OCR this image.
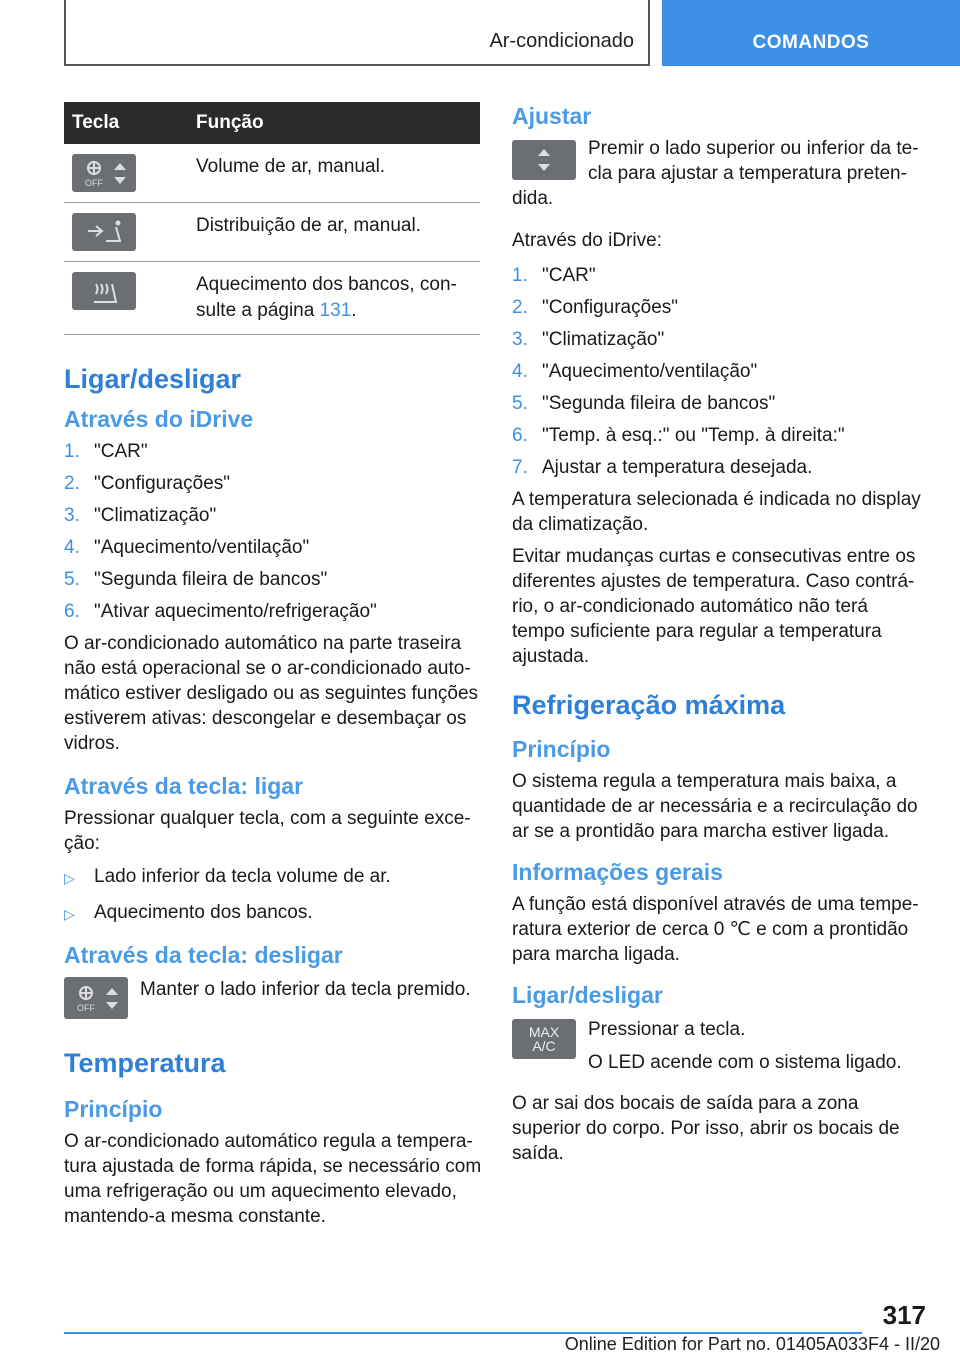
Ar-condicionado	COMANDOS
Tecla	Função

OFF	Volume de ar, manual.

	Distribuição de ar, manual.

	Aquecimento dos bancos, con-sulte a página 131.
Ligar/desligar
Através do iDrive
1. "CAR"
2. "Configurações"
3. "Climatização"
4. "Aquecimento/ventilação"
5. "Segunda fileira de bancos"
6. "Ativar aquecimento/refrigeração"

O ar-condicionado automático na parte traseira não está operacional se o ar-condicionado auto-mático estiver desligado ou as seguintes funções estiverem ativas: descongelar e desembaçar os vidros.

Através da tecla: ligar

Pressionar qualquer tecla, com a seguinte exce-ção:

▷	Lado inferior da tecla volume de ar.
▷	Aquecimento dos bancos.
Através da tecla: desligar
OFF

Manter o lado inferior da tecla premido.

Temperatura
Princípio

O ar-condicionado automático regula a tempera-tura ajustada de forma rápida, se necessário com uma refrigeração ou um aquecimento elevado, mantendo-a mesma constante.

Ajustar

Premir o lado superior ou inferior da te-cla para ajustar a temperatura preten-dida.

Através do iDrive:

1. "CAR"
2. "Configurações"
3. "Climatização"
4. "Aquecimento/ventilação"
5. "Segunda fileira de bancos"
6. "Temp. à esq.:" ou "Temp. à direita:"
7. Ajustar a temperatura desejada.

A temperatura selecionada é indicada no display da climatização.

Evitar mudanças curtas e consecutivas entre os diferentes ajustes de temperatura. Caso contrá-rio, o ar-condicionado automático não terá tempo suficiente para regular a temperatura ajustada.

Refrigeração máxima
Princípio

O sistema regula a temperatura mais baixa, a quantidade de ar necessária e a recirculação do ar se a prontidão para marcha estiver ligada.

Informações gerais

A função está disponível através de uma tempe-ratura exterior de cerca 0 ℃ e com a prontidão para marcha ligada.

Ligar/desligar
MAX A/C

Pressionar a tecla.

O LED acende com o sistema ligado.

O ar sai dos bocais de saída para a zona superior do corpo. Por isso, abrir os bocais de saída.

317
Online Edition for Part no. 01405A033F4 - II/20
